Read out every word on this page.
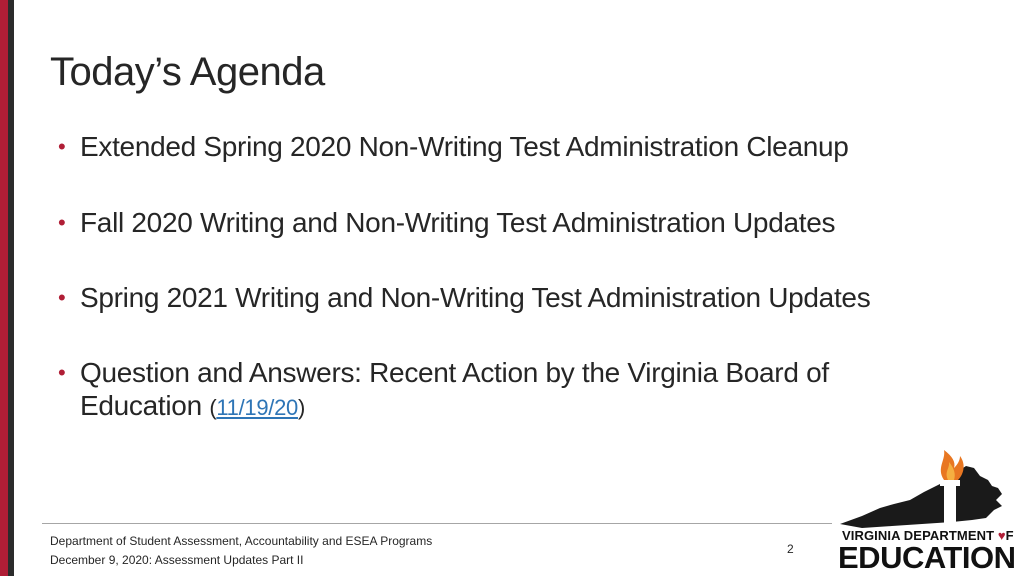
Today’s Agenda
• Extended Spring 2020 Non-Writing Test Administration Cleanup
• Fall 2020 Writing and Non-Writing Test Administration Updates
• Spring 2021 Writing and Non-Writing Test Administration Updates
• Question and Answers: Recent Action by the Virginia Board of Education (11/19/20)
Department of Student Assessment, Accountability and ESEA Programs
December 9, 2020: Assessment Updates Part II
2
VIRGINIA DEPARTMENT ♥F
EDUCATION
